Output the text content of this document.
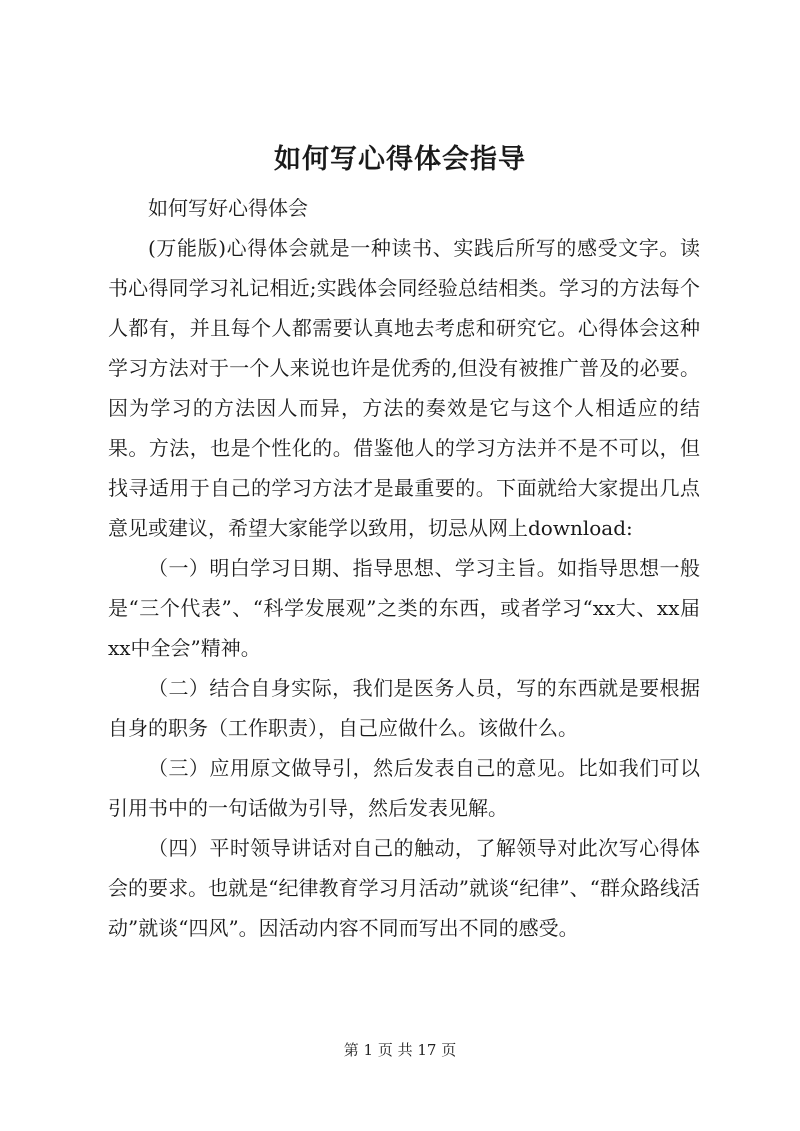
如何写心得体会指导

如何写好心得体会

(万能版)心得体会就是一种读书、实践后所写的感受文字。读书心得同学习礼记相近;实践体会同经验总结相类。学习的方法每个人都有，并且每个人都需要认真地去考虑和研究它。心得体会这种学习方法对于一个人来说也许是优秀的,但没有被推广普及的必要。因为学习的方法因人而异，方法的奏效是它与这个人相适应的结果。方法，也是个性化的。借鉴他人的学习方法并不是不可以，但找寻适用于自己的学习方法才是最重要的。下面就给大家提出几点意见或建议，希望大家能学以致用，切忌从网上download:

（一）明白学习日期、指导思想、学习主旨。如指导思想一般是“三个代表”、“科学发展观”之类的东西，或者学习“xx大、xx届xx中全会”精神。

（二）结合自身实际，我们是医务人员，写的东西就是要根据自身的职务（工作职责），自己应做什么。该做什么。

（三）应用原文做导引，然后发表自己的意见。比如我们可以引用书中的一句话做为引导，然后发表见解。

（四）平时领导讲话对自己的触动，了解领导对此次写心得体会的要求。也就是“纪律教育学习月活动”就谈“纪律”、“群众路线活动”就谈“四风”。因活动内容不同而写出不同的感受。

第 1 页 共 17 页
